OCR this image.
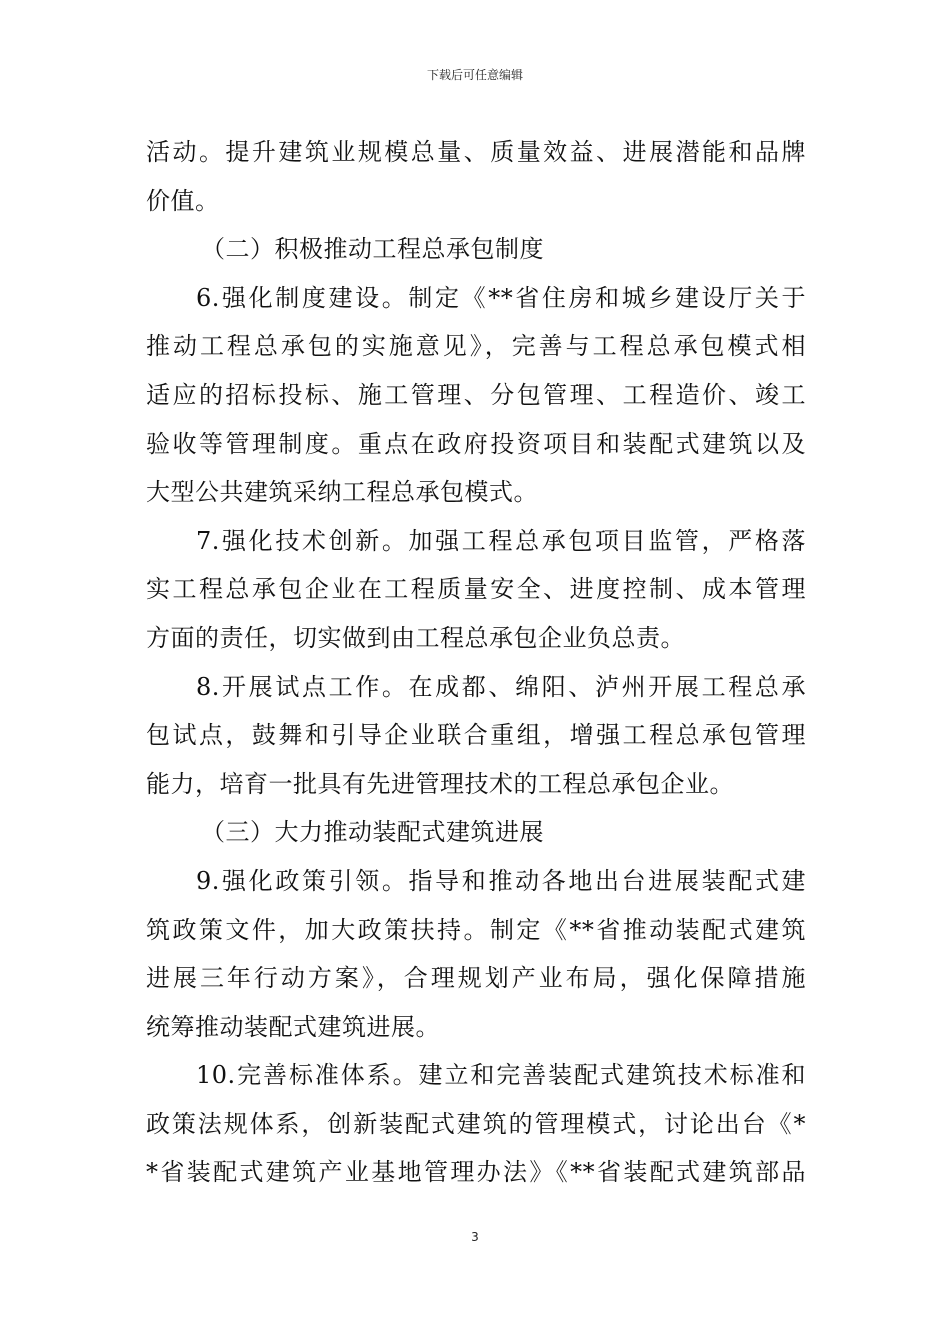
下载后可任意编辑
活动。提升建筑业规模总量、质量效益、进展潜能和品牌
价值。
（二）积极推动工程总承包制度
6.强化制度建设。制定《**省住房和城乡建设厅关于
推动工程总承包的实施意见》，完善与工程总承包模式相
适应的招标投标、施工管理、分包管理、工程造价、竣工
验收等管理制度。重点在政府投资项目和装配式建筑以及
大型公共建筑采纳工程总承包模式。
7.强化技术创新。加强工程总承包项目监管，严格落
实工程总承包企业在工程质量安全、进度控制、成本管理
方面的责任，切实做到由工程总承包企业负总责。
8.开展试点工作。在成都、绵阳、泸州开展工程总承
包试点，鼓舞和引导企业联合重组，增强工程总承包管理
能力，培育一批具有先进管理技术的工程总承包企业。
（三）大力推动装配式建筑进展
9.强化政策引领。指导和推动各地出台进展装配式建
筑政策文件，加大政策扶持。制定《**省推动装配式建筑
进展三年行动方案》，合理规划产业布局，强化保障措施
统筹推动装配式建筑进展。
10.完善标准体系。建立和完善装配式建筑技术标准和
政策法规体系，创新装配式建筑的管理模式，讨论出台《*
*省装配式建筑产业基地管理办法》《**省装配式建筑部品
3
